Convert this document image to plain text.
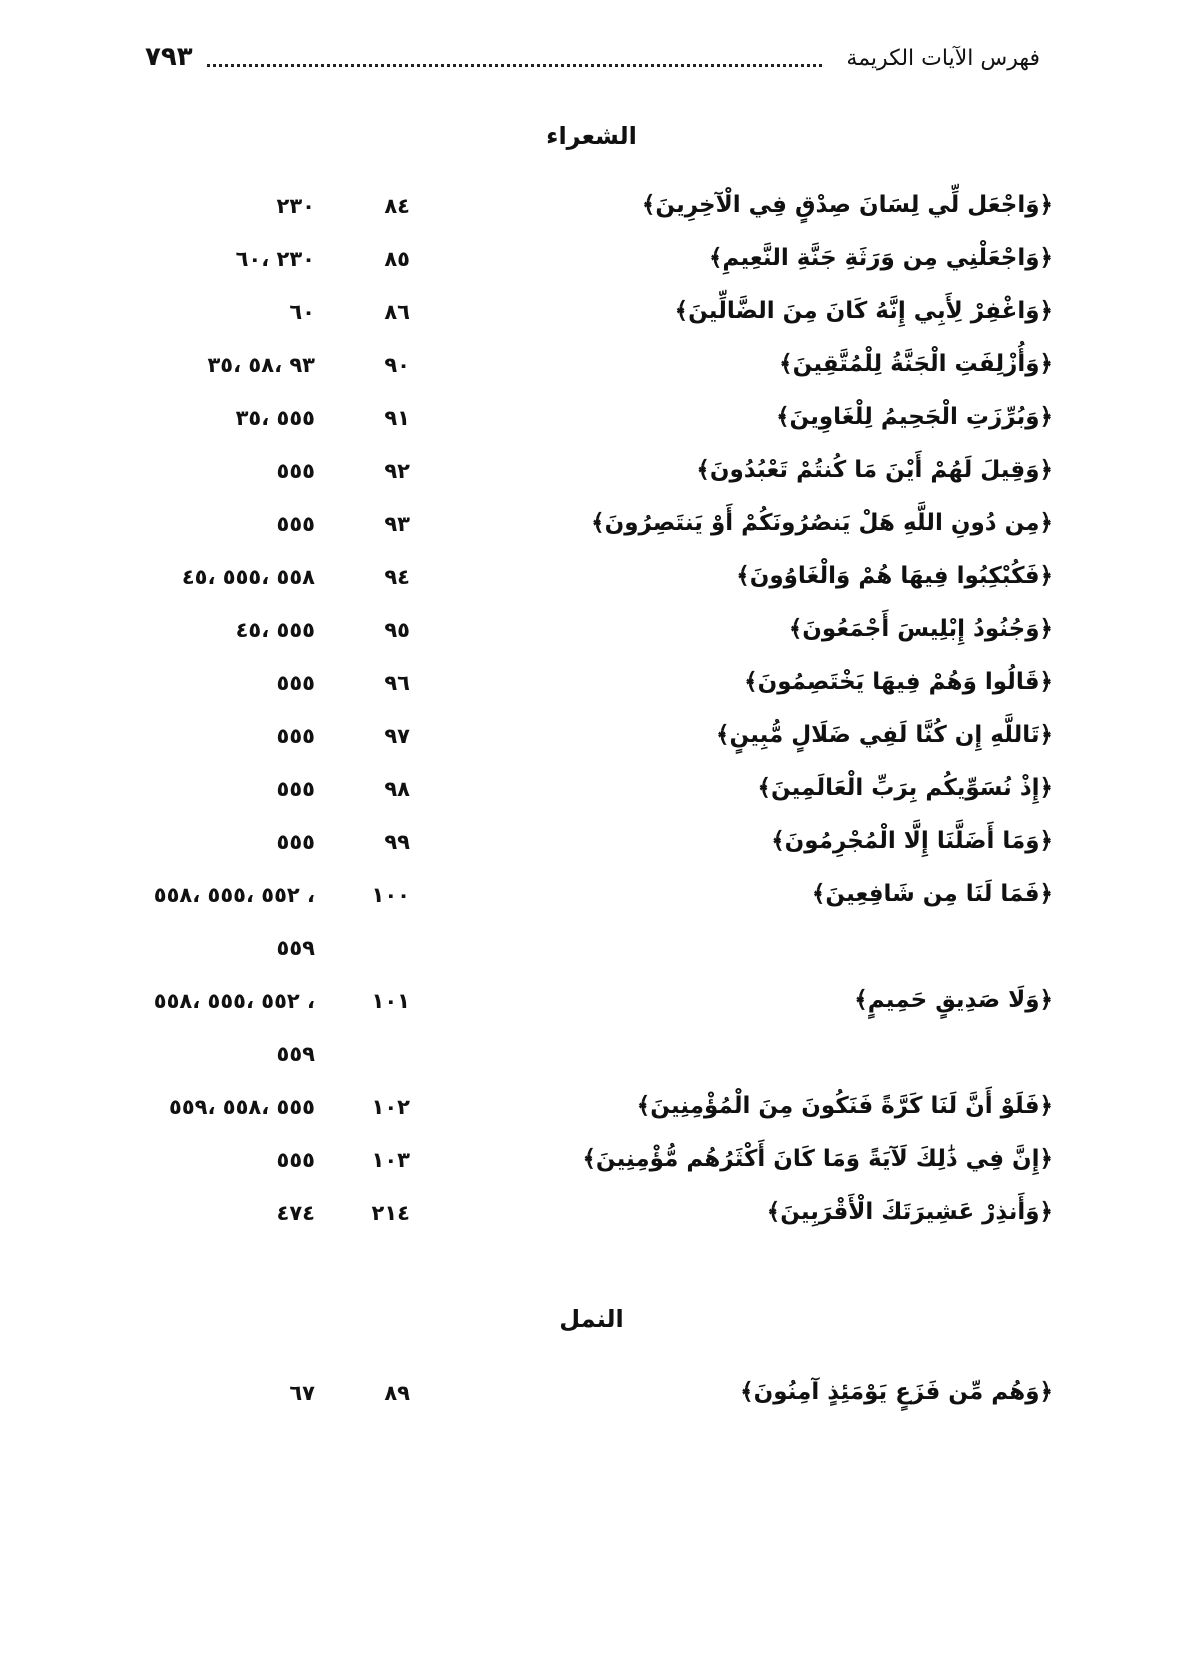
فهرس الآيات الكريمة
٧٩٣
الشعراء
﴿وَاجْعَل لِّي لِسَانَ صِدْقٍ فِي الْآخِرِينَ﴾
٨٤
٢٣٠
﴿وَاجْعَلْنِي مِن وَرَثَةِ جَنَّةِ النَّعِيمِ﴾
٨٥
٢٣٠ ،٦٠
﴿وَاغْفِرْ لِأَبِي إِنَّهُ كَانَ مِنَ الضَّالِّينَ﴾
٨٦
٦٠
﴿وَأُزْلِفَتِ الْجَنَّةُ لِلْمُتَّقِينَ﴾
٩٠
٩٣ ،٥٨ ،٣٥
﴿وَبُرِّزَتِ الْجَحِيمُ لِلْغَاوِينَ﴾
٩١
٥٥٥ ،٣٥
﴿وَقِيلَ لَهُمْ أَيْنَ مَا كُنتُمْ تَعْبُدُونَ﴾
٩٢
٥٥٥
﴿مِن دُونِ اللَّهِ هَلْ يَنصُرُونَكُمْ أَوْ يَنتَصِرُونَ﴾
٩٣
٥٥٥
﴿فَكُبْكِبُوا فِيهَا هُمْ وَالْغَاوُونَ﴾
٩٤
٥٥٨ ،٥٥٥ ،٤٥
﴿وَجُنُودُ إِبْلِيسَ أَجْمَعُونَ﴾
٩٥
٥٥٥ ،٤٥
﴿قَالُوا وَهُمْ فِيهَا يَخْتَصِمُونَ﴾
٩٦
٥٥٥
﴿تَاللَّهِ إِن كُنَّا لَفِي ضَلَالٍ مُّبِينٍ﴾
٩٧
٥٥٥
﴿إِذْ نُسَوِّيكُم بِرَبِّ الْعَالَمِينَ﴾
٩٨
٥٥٥
﴿وَمَا أَضَلَّنَا إِلَّا الْمُجْرِمُونَ﴾
٩٩
٥٥٥
﴿فَمَا لَنَا مِن شَافِعِينَ﴾
١٠٠
٥٥٢ ،٥٥٥ ،٥٥٨ ،
٥٥٩
﴿وَلَا صَدِيقٍ حَمِيمٍ﴾
١٠١
٥٥٢ ،٥٥٥ ،٥٥٨ ،
٥٥٩
﴿فَلَوْ أَنَّ لَنَا كَرَّةً فَنَكُونَ مِنَ الْمُؤْمِنِينَ﴾
١٠٢
٥٥٥ ،٥٥٨ ،٥٥٩
﴿إِنَّ فِي ذَٰلِكَ لَآيَةً وَمَا كَانَ أَكْثَرُهُم مُّؤْمِنِينَ﴾
١٠٣
٥٥٥
﴿وَأَنذِرْ عَشِيرَتَكَ الْأَقْرَبِينَ﴾
٢١٤
٤٧٤
النمل
﴿وَهُم مِّن فَزَعٍ يَوْمَئِذٍ آمِنُونَ﴾
٨٩
٦٧
